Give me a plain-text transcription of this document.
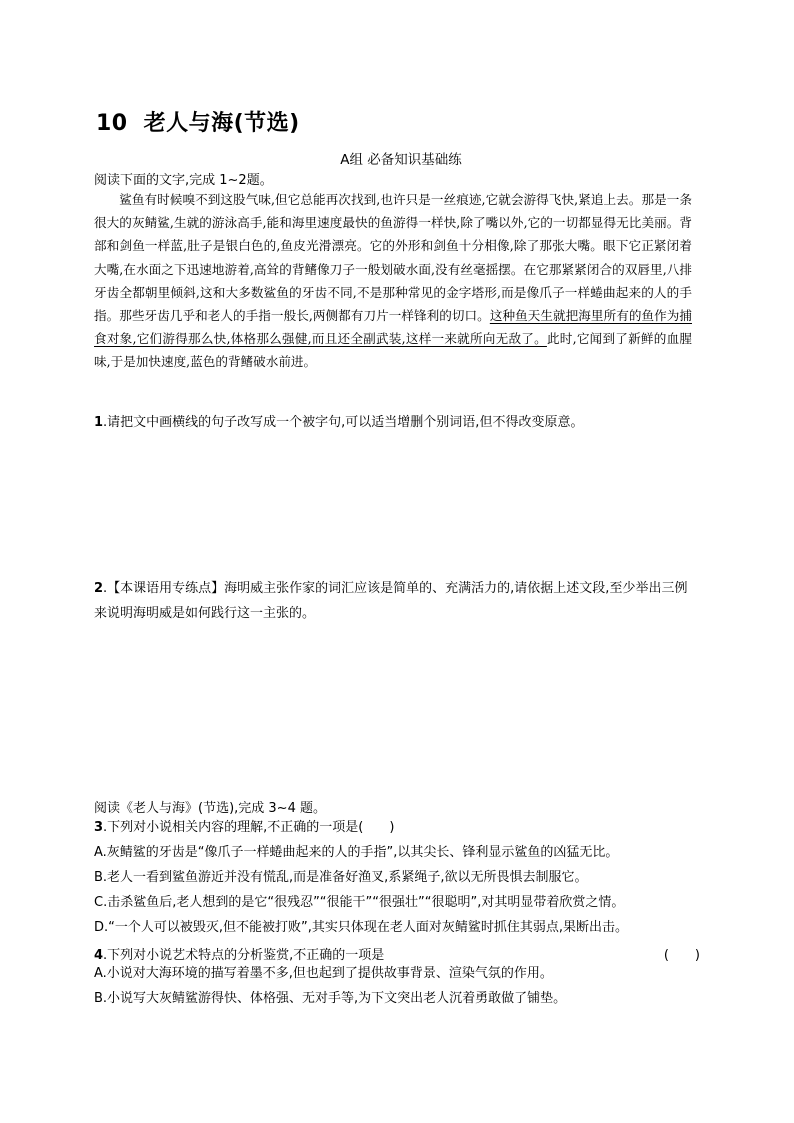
10 老人与海(节选)
A组 必备知识基础练
阅读下面的文字,完成 1~2题。
鲨鱼有时候嗅不到这股气味,但它总能再次找到,也许只是一丝痕迹,它就会游得飞快,紧追上去。那是一条很大的灰鲭鲨,生就的游泳高手,能和海里速度最快的鱼游得一样快,除了嘴以外,它的一切都显得无比美丽。背部和剑鱼一样蓝,肚子是银白色的,鱼皮光滑漂亮。它的外形和剑鱼十分相像,除了那张大嘴。眼下它正紧闭着大嘴,在水面之下迅速地游着,高耸的背鳍像刀子一般划破水面,没有丝毫摇摆。在它那紧紧闭合的双唇里,八排牙齿全都朝里倾斜,这和大多数鲨鱼的牙齿不同,不是那种常见的金字塔形,而是像爪子一样蜷曲起来的人的手指。那些牙齿几乎和老人的手指一般长,两侧都有刀片一样锋利的切口。这种鱼天生就把海里所有的鱼作为捕食对象,它们游得那么快,体格那么强健,而且还全副武装,这样一来就所向无敌了。此时,它闻到了新鲜的血腥味,于是加快速度,蓝色的背鳍破水前进。
1.请把文中画横线的句子改写成一个被字句,可以适当增删个别词语,但不得改变原意。
2.【本课语用专练点】海明威主张作家的词汇应该是简单的、充满活力的,请依据上述文段,至少举出三例来说明海明威是如何践行这一主张的。
阅读《老人与海》(节选),完成 3~4 题。
3.下列对小说相关内容的理解,不正确的一项是(　　)
A.灰鲭鲨的牙齿是“像爪子一样蜷曲起来的人的手指”,以其尖长、锋利显示鲨鱼的凶猛无比。
B.老人一看到鲨鱼游近并没有慌乱,而是准备好渔叉,系紧绳子,欲以无所畏惧去制服它。
C.击杀鲨鱼后,老人想到的是它“很残忍”“很能干”“很强壮”“很聪明”,对其明显带着欣赏之情。
D.“一个人可以被毁灭,但不能被打败”,其实只体现在老人面对灰鲭鲨时抓住其弱点,果断出击。
4.下列对小说艺术特点的分析鉴赏,不正确的一项是	(　　)
A.小说对大海环境的描写着墨不多,但也起到了提供故事背景、渲染气氛的作用。
B.小说写大灰鲭鲨游得快、体格强、无对手等,为下文突出老人沉着勇敢做了铺垫。
